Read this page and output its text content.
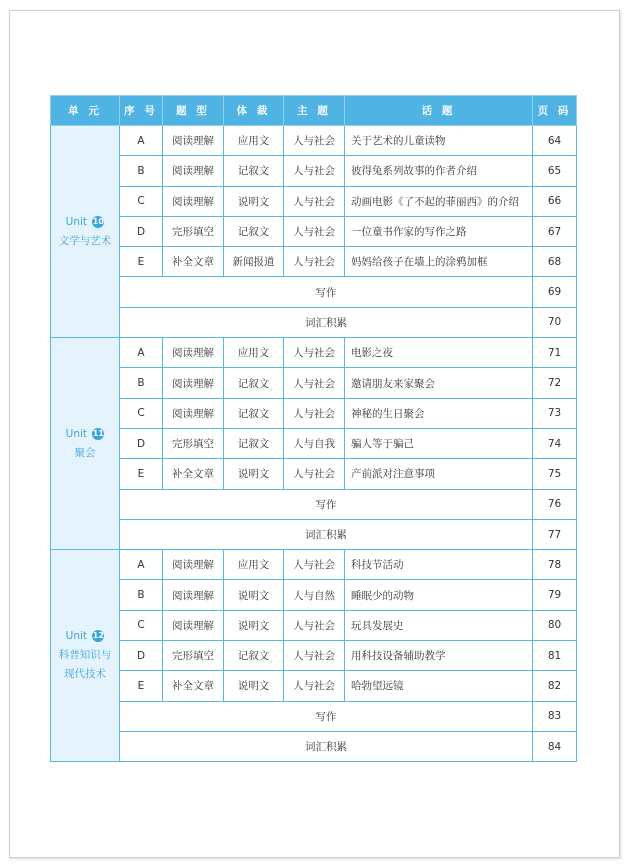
单 元	序 号	题 型	体 裁	主 题	话 题	页 码

Unit 10
文学与艺术	A	阅读理解	应用文	人与社会	关于艺术的儿童读物	64
	B	阅读理解	记叙文	人与社会	彼得兔系列故事的作者介绍	65
	C	阅读理解	说明文	人与社会	动画电影《了不起的菲丽西》的介绍	66
	D	完形填空	记叙文	人与社会	一位童书作家的写作之路	67
	E	补全文章	新闻报道	人与社会	妈妈给孩子在墙上的涂鸦加框	68
	写作					69
	词汇积累					70

Unit 11
聚会	A	阅读理解	应用文	人与社会	电影之夜	71
	B	阅读理解	记叙文	人与社会	邀请朋友来家聚会	72
	C	阅读理解	记叙文	人与社会	神秘的生日聚会	73
	D	完形填空	记叙文	人与自我	骗人等于骗己	74
	E	补全文章	说明文	人与社会	产前派对注意事项	75
	写作					76
	词汇积累					77

Unit 12
科普知识与
现代技术	A	阅读理解	应用文	人与社会	科技节活动	78
	B	阅读理解	说明文	人与自然	睡眠少的动物	79
	C	阅读理解	说明文	人与社会	玩具发展史	80
	D	完形填空	记叙文	人与社会	用科技设备辅助教学	81
	E	补全文章	说明文	人与社会	哈勃望远镜	82
	写作					83
	词汇积累					84
